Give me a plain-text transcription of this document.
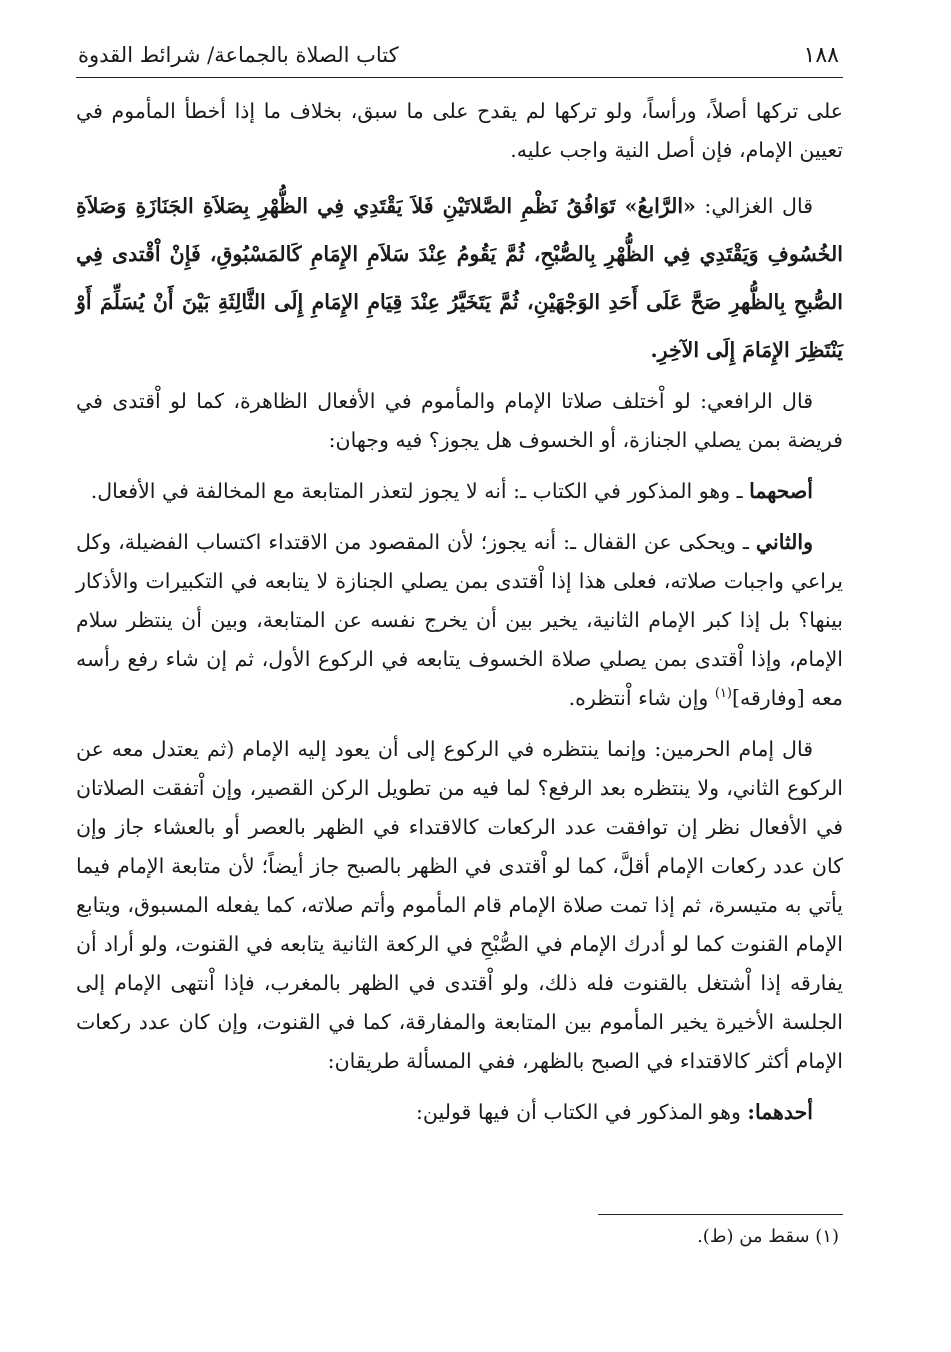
١٨٨
كتاب الصلاة بالجماعة/ شرائط القدوة

على تركها أصلاً، ورأساً، ولو تركها لم يقدح على ما سبق، بخلاف ما إذا أخطأ المأموم في تعيين الإمام، فإن أصل النية واجب عليه.

قال الغزالي: «الرَّابعُ» تَوَافُقُ نَظْمِ الصَّلاتَيْنِ فَلاَ يَقْتَدِي فِي الظُّهْرِ بِصَلاَةِ الجَنَازَةِ وَصَلاَةِ الخُسُوفِ وَيَقْتَدِي فِي الظُّهْرِ بِالصُّبْحِ، ثُمَّ يَقُومُ عِنْدَ سَلاَمِ الإِمَامِ كَالمَسْبُوقِ، فَإِنْ اْقْتدى فِي الصُّبحِ بِالظُّهرِ صَحَّ عَلَى أَحَدِ الوَجْهَيْنِ، ثُمَّ يَتَخَيَّرُ عِنْدَ قِيَامِ الإِمَامِ إِلَى الثَّالِثَةِ بَيْنَ أَنْ يُسَلِّمَ أَوْ يَنْتَظِرَ الإِمَامَ إِلَى الآخِرِ.

قال الرافعي: لو اْختلف صلاتا الإمام والمأموم في الأفعال الظاهرة، كما لو اْقتدى في فريضة بمن يصلي الجنازة، أو الخسوف هل يجوز؟ فيه وجهان:

أصحهما ـ وهو المذكور في الكتاب ـ: أنه لا يجوز لتعذر المتابعة مع المخالفة في الأفعال.

والثاني ـ ويحكى عن القفال ـ: أنه يجوز؛ لأن المقصود من الاقتداء اكتساب الفضيلة، وكل يراعي واجبات صلاته، فعلى هذا إذا اْقتدى بمن يصلي الجنازة لا يتابعه في التكبيرات والأذكار بينها؟ بل إذا كبر الإمام الثانية، يخير بين أن يخرج نفسه عن المتابعة، وبين أن ينتظر سلام الإمام، وإذا اْقتدى بمن يصلي صلاة الخسوف يتابعه في الركوع الأول، ثم إن شاء رفع رأسه معه [وفارقه]$^{(١)}$ وإن شاء اْنتظره.

قال إمام الحرمين: وإنما ينتظره في الركوع إلى أن يعود إليه الإمام (ثم يعتدل معه عن الركوع الثاني، ولا ينتظره بعد الرفع؟ لما فيه من تطويل الركن القصير، وإن اْتفقت الصلاتان في الأفعال نظر إن توافقت عدد الركعات كالاقتداء في الظهر بالعصر أو بالعشاء جاز وإن كان عدد ركعات الإمام أقلَّ، كما لو اْقتدى في الظهر بالصبح جاز أيضاً؛ لأن متابعة الإمام فيما يأتي به متيسرة، ثم إذا تمت صلاة الإمام قام المأموم وأتم صلاته، كما يفعله المسبوق، ويتابع الإمام القنوت كما لو أدرك الإمام في الصُّبْحِ في الركعة الثانية يتابعه في القنوت، ولو أراد أن يفارقه إذا اْشتغل بالقنوت فله ذلك، ولو اْقتدى في الظهر بالمغرب، فإذا اْنتهى الإمام إلى الجلسة الأخيرة يخير المأموم بين المتابعة والمفارقة، كما في القنوت، وإن كان عدد ركعات الإمام أكثر كالاقتداء في الصبح بالظهر، ففي المسألة طريقان:

أحدهما: وهو المذكور في الكتاب أن فيها قولين:

(١) سقط من (ط).
